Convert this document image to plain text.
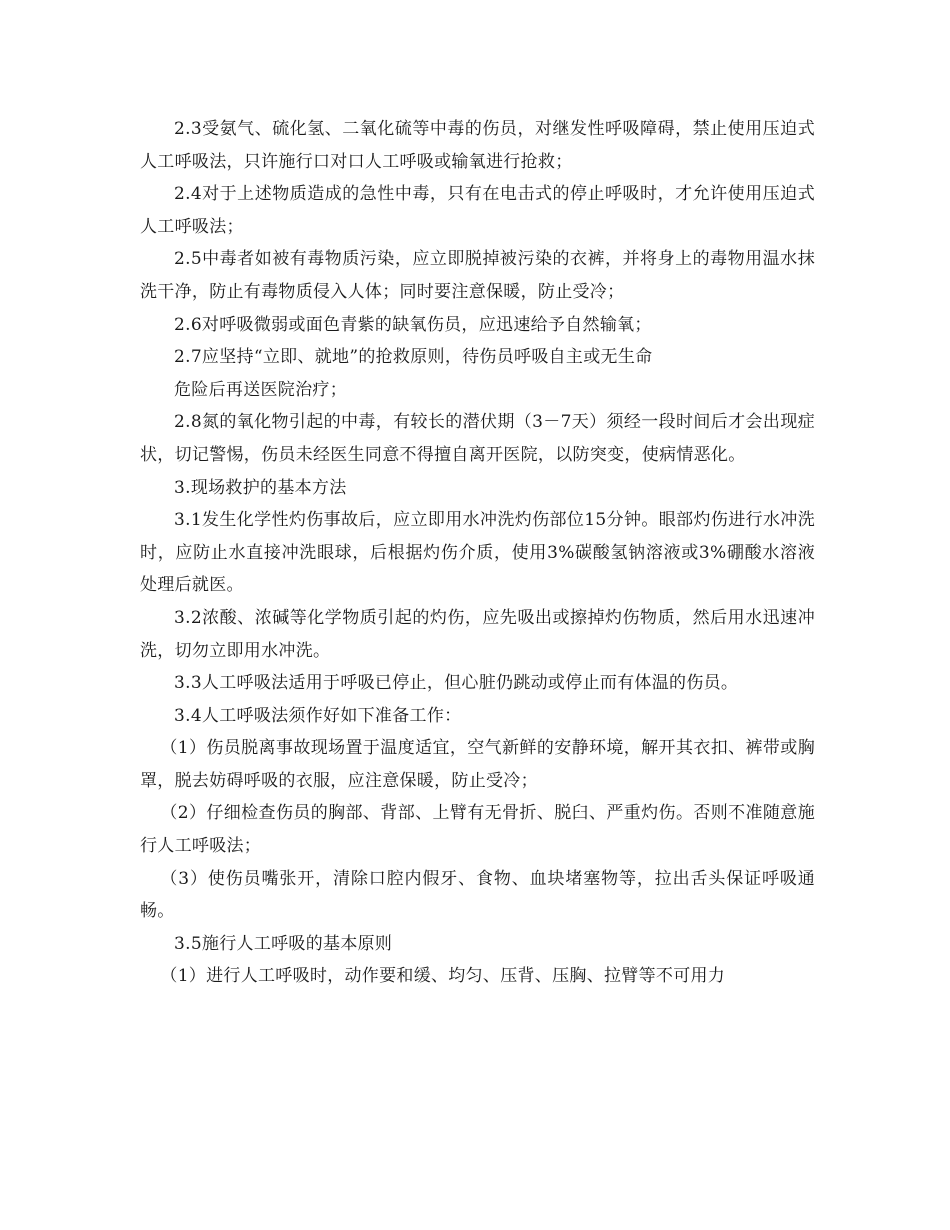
2.3受氨气、硫化氢、二氧化硫等中毒的伤员，对继发性呼吸障碍，禁止使用压迫式人工呼吸法，只许施行口对口人工呼吸或输氧进行抢救；

2.4对于上述物质造成的急性中毒，只有在电击式的停止呼吸时，才允许使用压迫式人工呼吸法；

2.5中毒者如被有毒物质污染，应立即脱掉被污染的衣裤，并将身上的毒物用温水抹洗干净，防止有毒物质侵入人体；同时要注意保暖，防止受冷；

2.6对呼吸微弱或面色青紫的缺氧伤员，应迅速给予自然输氧；

2.7应坚持“立即、就地”的抢救原则，待伤员呼吸自主或无生命

危险后再送医院治疗；

2.8氮的氧化物引起的中毒，有较长的潜伏期（3－7天）须经一段时间后才会出现症状，切记警惕，伤员未经医生同意不得擅自离开医院，以防突变，使病情恶化。

3.现场救护的基本方法

3.1发生化学性灼伤事故后，应立即用水冲洗灼伤部位15分钟。眼部灼伤进行水冲洗时，应防止水直接冲洗眼球，后根据灼伤介质，使用3%碳酸氢钠溶液或3%硼酸水溶液处理后就医。

3.2浓酸、浓碱等化学物质引起的灼伤，应先吸出或擦掉灼伤物质，然后用水迅速冲洗，切勿立即用水冲洗。

3.3人工呼吸法适用于呼吸已停止，但心脏仍跳动或停止而有体温的伤员。

3.4人工呼吸法须作好如下准备工作：

（1）伤员脱离事故现场置于温度适宜，空气新鲜的安静环境，解开其衣扣、裤带或胸罩，脱去妨碍呼吸的衣服，应注意保暖，防止受冷；

（2）仔细检查伤员的胸部、背部、上臂有无骨折、脱臼、严重灼伤。否则不准随意施行人工呼吸法；

（3）使伤员嘴张开，清除口腔内假牙、食物、血块堵塞物等，拉出舌头保证呼吸通畅。

3.5施行人工呼吸的基本原则

（1）进行人工呼吸时，动作要和缓、均匀、压背、压胸、拉臂等不可用力
